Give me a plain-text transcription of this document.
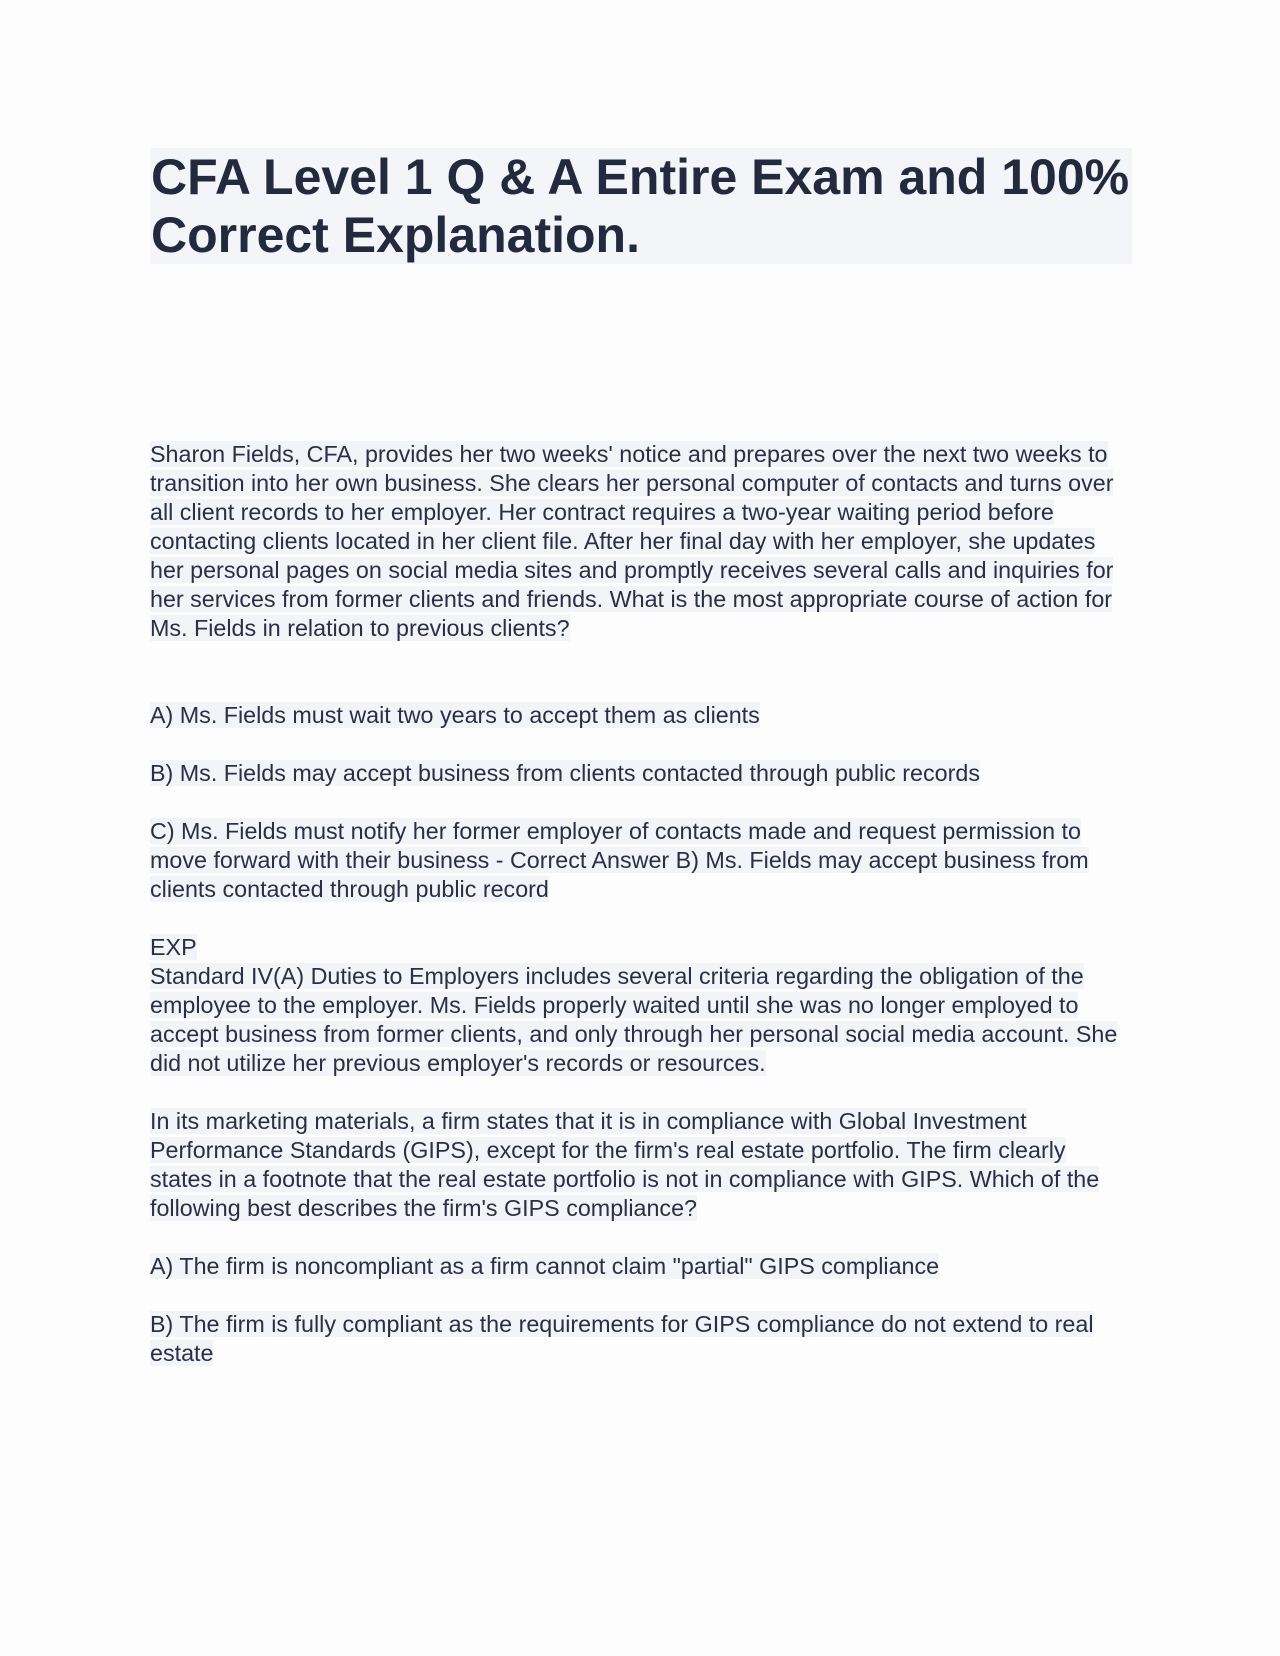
CFA Level 1 Q & A Entire Exam and 100% Correct Explanation.

Sharon Fields, CFA, provides her two weeks' notice and prepares over the next two weeks to transition into her own business. She clears her personal computer of contacts and turns over all client records to her employer. Her contract requires a two-year waiting period before contacting clients located in her client file. After her final day with her employer, she updates her personal pages on social media sites and promptly receives several calls and inquiries for her services from former clients and friends. What is the most appropriate course of action for Ms. Fields in relation to previous clients?

A) Ms. Fields must wait two years to accept them as clients

B) Ms. Fields may accept business from clients contacted through public records

C) Ms. Fields must notify her former employer of contacts made and request permission to move forward with their business - Correct Answer B) Ms. Fields may accept business from clients contacted through public record

EXP

Standard IV(A) Duties to Employers includes several criteria regarding the obligation of the employee to the employer. Ms. Fields properly waited until she was no longer employed to accept business from former clients, and only through her personal social media account. She did not utilize her previous employer's records or resources.

In its marketing materials, a firm states that it is in compliance with Global Investment Performance Standards (GIPS), except for the firm's real estate portfolio. The firm clearly states in a footnote that the real estate portfolio is not in compliance with GIPS. Which of the following best describes the firm's GIPS compliance?

A) The firm is noncompliant as a firm cannot claim "partial" GIPS compliance

B) The firm is fully compliant as the requirements for GIPS compliance do not extend to real estate
